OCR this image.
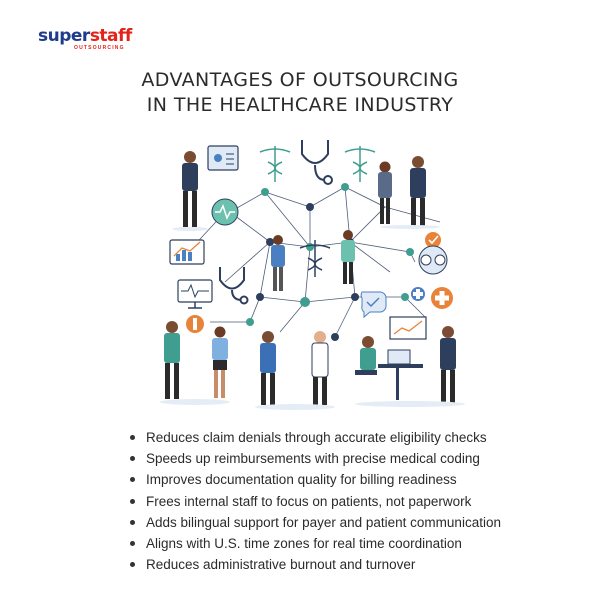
superstaff
OUTSOURCING
ADVANTAGES OF OUTSOURCING
IN THE HEALTHCARE INDUSTRY
Reduces claim denials through accurate eligibility checks
Speeds up reimbursements with precise medical coding
Improves documentation quality for billing readiness
Frees internal staff to focus on patients, not paperwork
Adds bilingual support for payer and patient communication
Aligns with U.S. time zones for real time coordination
Reduces administrative burnout and turnover
